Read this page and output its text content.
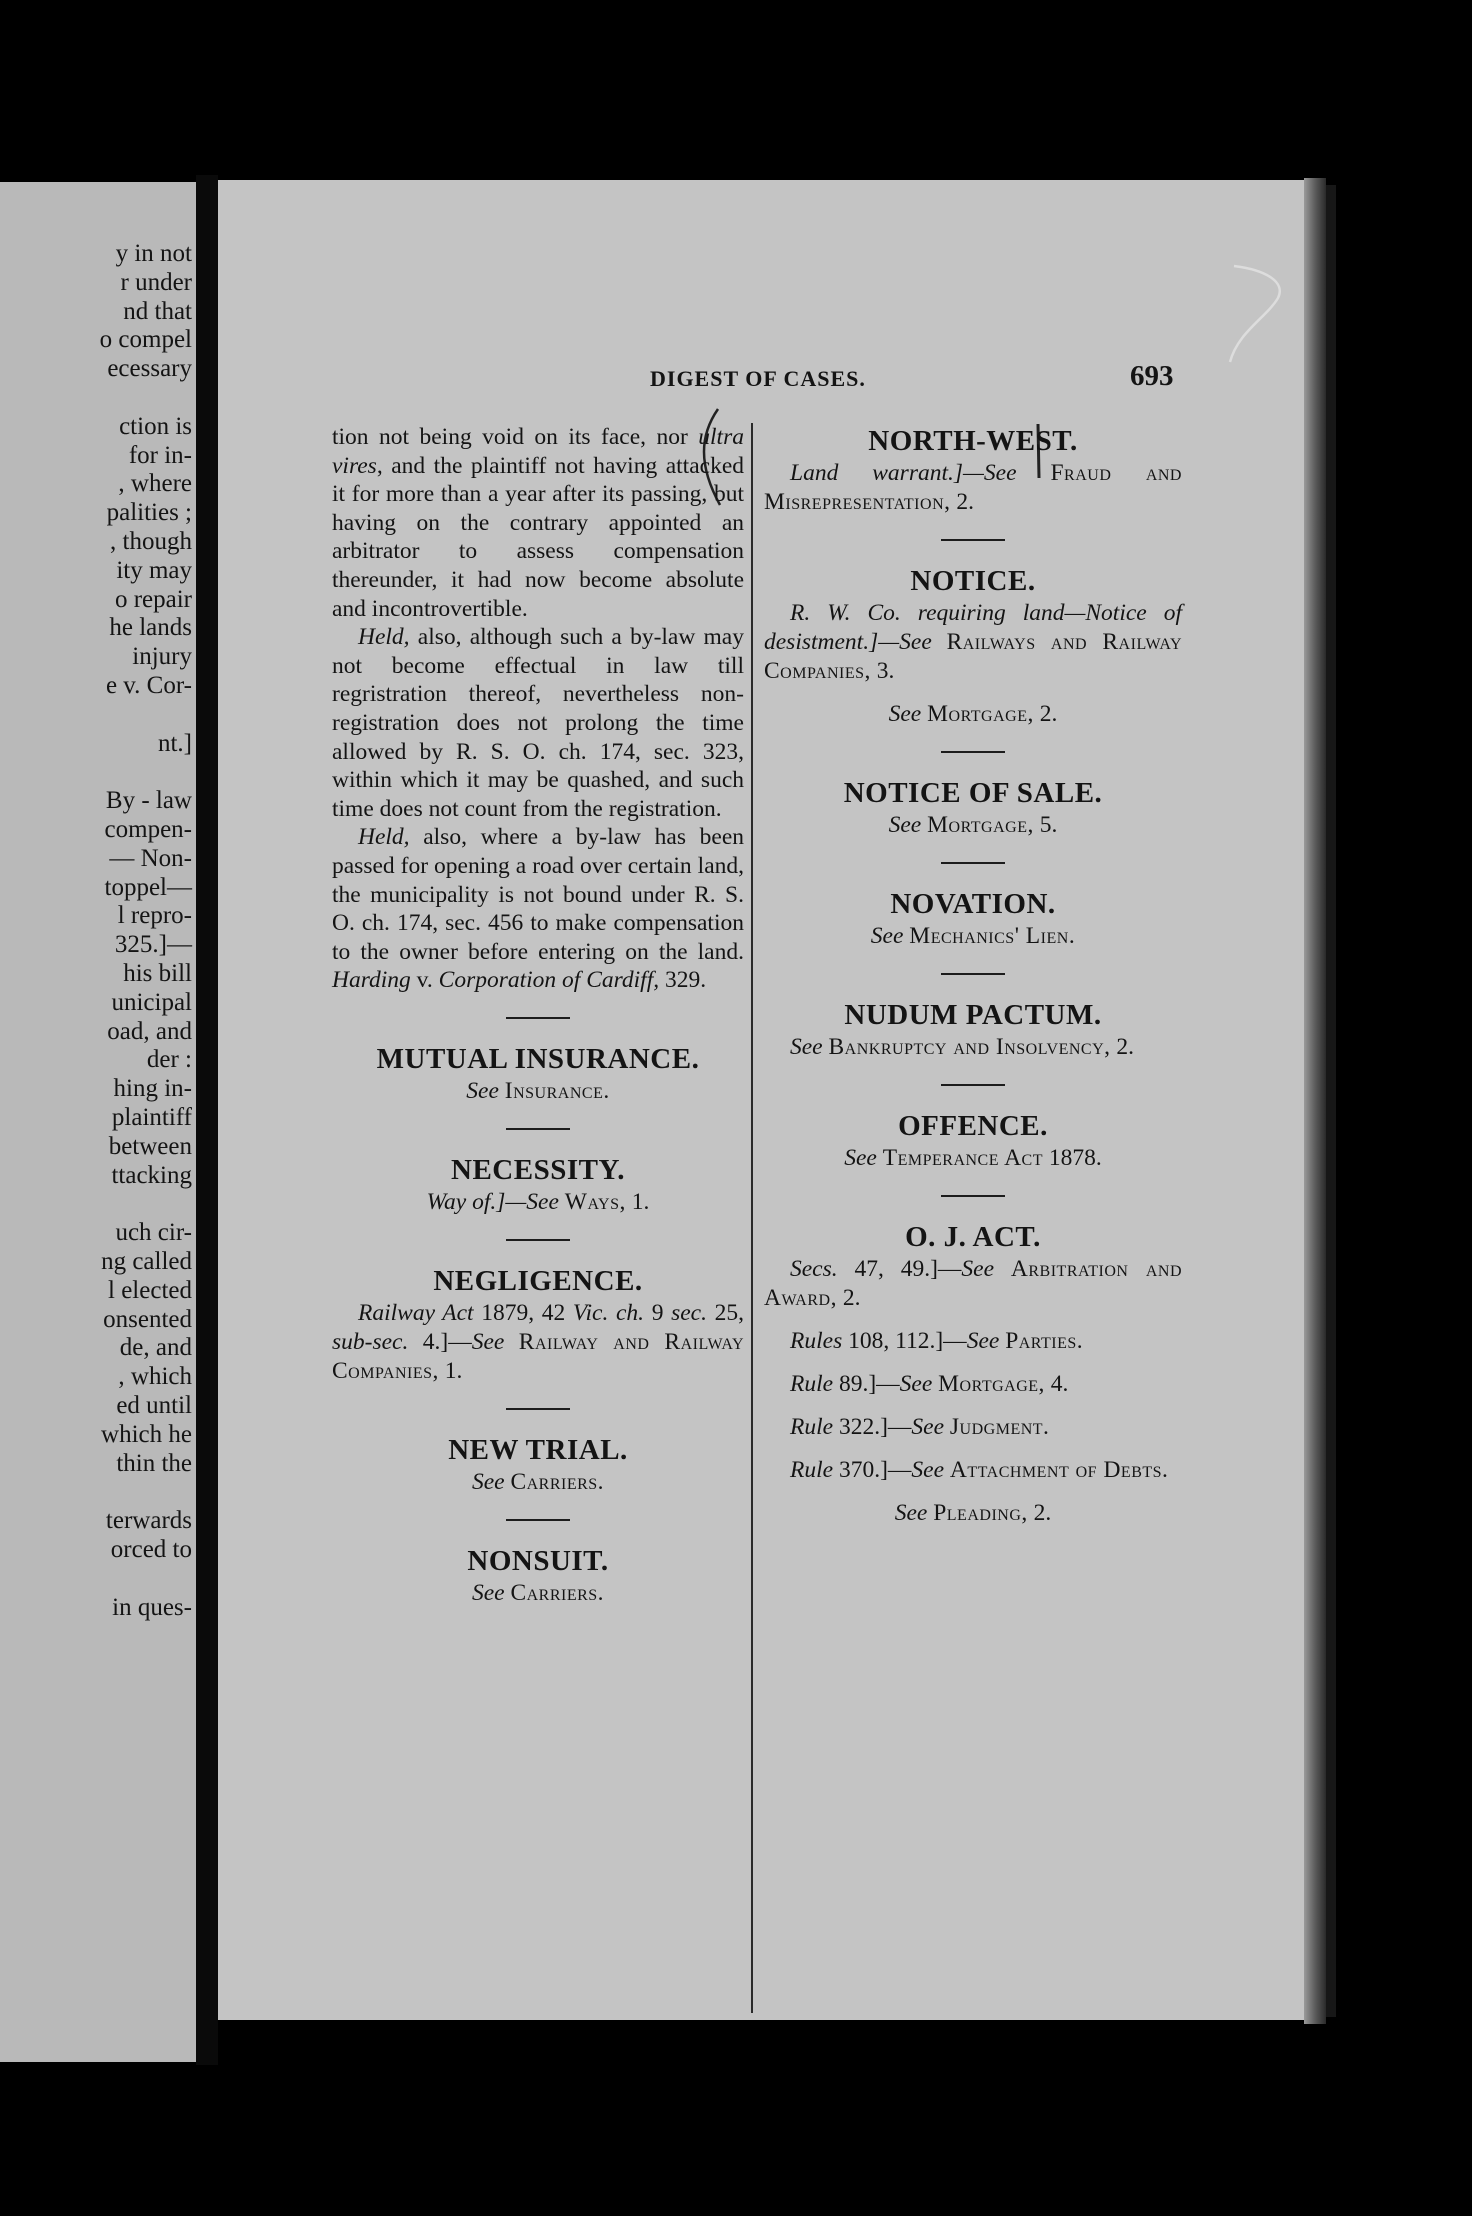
y in not
r under
nd that
o compel
ecessary
ction is
for in-
, where
palities ;
, though
ity may
o repair
he lands
injury
e v. Cor-
nt.]
By - law
compen-
— Non-
toppel—
l repro-
325.]—
his bill
unicipal
oad, and
der :
hing in-
plaintiff
between
ttacking
uch cir-
ng called
l elected
onsented
de, and
, which
ed until
which he
thin the
terwards
orced to
in ques-
DIGEST OF CASES.	693

tion not being void on its face, nor ultra vires, and the plaintiff not having attacked it for more than a year after its passing, but having on the contrary appointed an arbitrator to assess compensation thereunder, it had now become absolute and incontrovertible.

Held, also, although such a by-law may not become effectual in law till regristration thereof, nevertheless non-registration does not prolong the time allowed by R. S. O. ch. 174, sec. 323, within which it may be quashed, and such time does not count from the registration.

Held, also, where a by-law has been passed for opening a road over certain land, the municipality is not bound under R. S. O. ch. 174, sec. 456 to make compensation to the owner before entering on the land. Harding v. Corporation of Cardiff, 329.

MUTUAL INSURANCE.

See Insurance.

NECESSITY.

Way of.]—See Ways, 1.

NEGLIGENCE.

Railway Act 1879, 42 Vic. ch. 9 sec. 25, sub-sec. 4.]—See Railway and Railway Companies, 1.

NEW TRIAL.

See Carriers.

NONSUIT.

See Carriers.

NORTH-WEST.

Land warrant.]—See Fraud and Misrepresentation, 2.

NOTICE.

R. W. Co. requiring land—Notice of desistment.]—See Railways and Railway Companies, 3.

See Mortgage, 2.

NOTICE OF SALE.

See Mortgage, 5.

NOVATION.

See Mechanics' Lien.

NUDUM PACTUM.

See Bankruptcy and Insolvency, 2.

OFFENCE.

See Temperance Act 1878.

O. J. ACT.

Secs. 47, 49.]—See Arbitration and Award, 2.

Rules 108, 112.]—See Parties.

Rule 89.]—See Mortgage, 4.

Rule 322.]—See Judgment.

Rule 370.]—See Attachment of Debts.

See Pleading, 2.
